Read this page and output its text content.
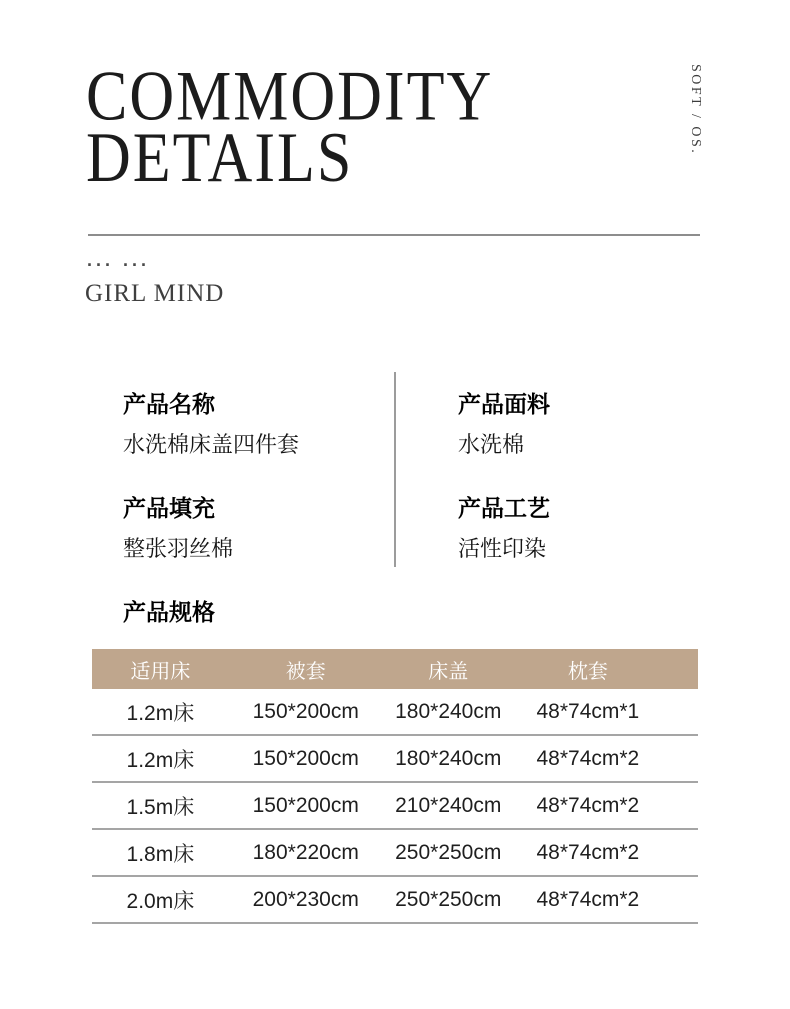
COMMODITY
DETAILS
SOFT / OS.
... ...
GIRL MIND
产品名称
水洗棉床盖四件套
产品面料
水洗棉
产品填充
整张羽丝棉
产品工艺
活性印染
产品规格
适用床	被套	床盖	枕套
1.2m床	150*200cm	180*240cm	48*74cm*1
1.2m床	150*200cm	180*240cm	48*74cm*2
1.5m床	150*200cm	210*240cm	48*74cm*2
1.8m床	180*220cm	250*250cm	48*74cm*2
2.0m床	200*230cm	250*250cm	48*74cm*2
